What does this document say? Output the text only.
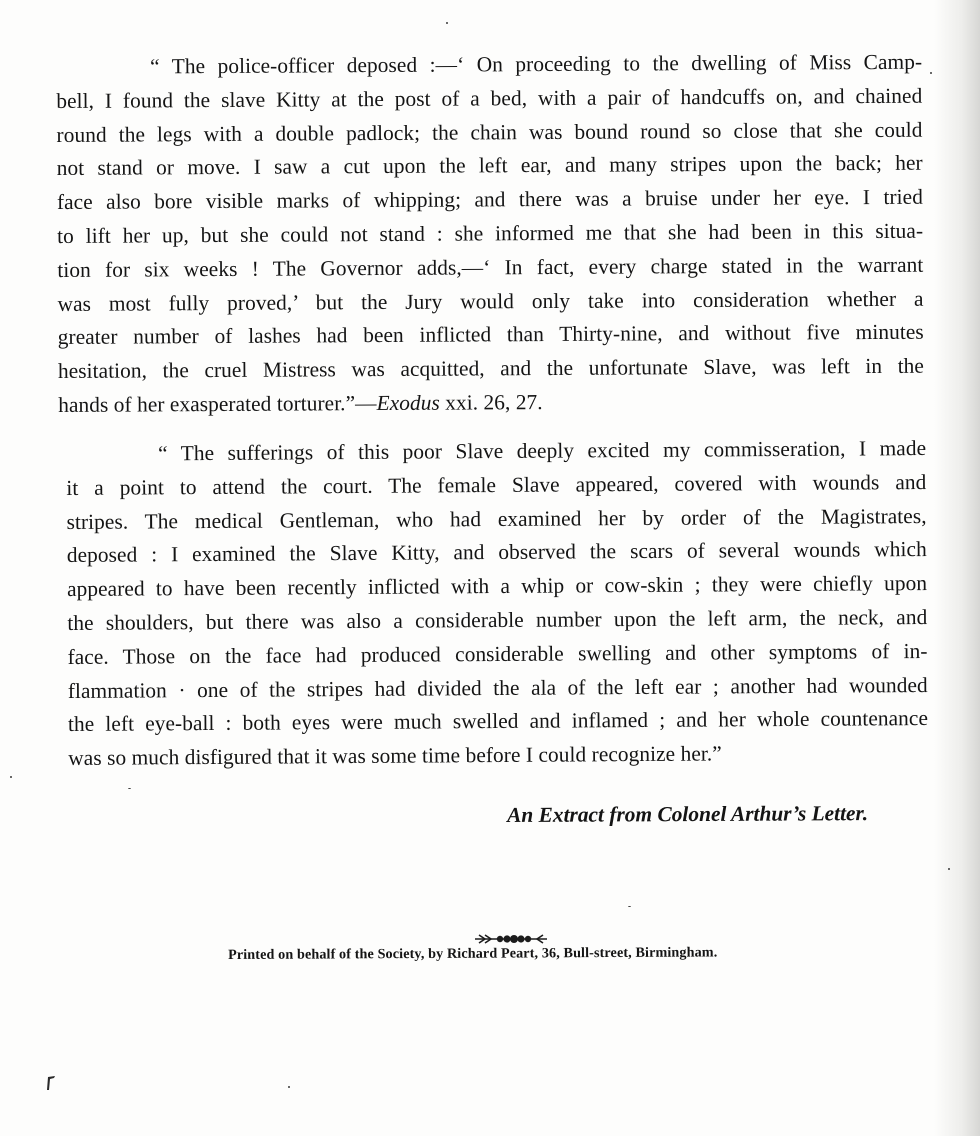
“ The police-officer deposed :—‘ On proceeding to the dwelling of Miss Camp-
bell, I found the slave Kitty at the post of a bed, with a pair of handcuffs on, and chained
round the legs with a double padlock; the chain was bound round so close that she could
not stand or move. I saw a cut upon the left ear, and many stripes upon the back; her
face also bore visible marks of whipping; and there was a bruise under her eye. I tried
to lift her up, but she could not stand : she informed me that she had been in this situa-
tion for six weeks ! The Governor adds,—‘ In fact, every charge stated in the warrant
was most fully proved,’ but the Jury would only take into consideration whether a
greater number of lashes had been inflicted than Thirty-nine, and without five minutes
hesitation, the cruel Mistress was acquitted, and the unfortunate Slave, was left in the
hands of her exasperated torturer.”—Exodus xxi. 26, 27.
“ The sufferings of this poor Slave deeply excited my commisseration, I made
it a point to attend the court. The female Slave appeared, covered with wounds and
stripes. The medical Gentleman, who had examined her by order of the Magistrates,
deposed : I examined the Slave Kitty, and observed the scars of several wounds which
appeared to have been recently inflicted with a whip or cow-skin ; they were chiefly upon
the shoulders, but there was also a considerable number upon the left arm, the neck, and
face. Those on the face had produced considerable swelling and other symptoms of in-
flammation · one of the stripes had divided the ala of the left ear ; another had wounded
the left eye-ball : both eyes were much swelled and inflamed ; and her whole countenance
was so much disfigured that it was some time before I could recognize her.”
An Extract from Colonel Arthur’s Letter.
Printed on behalf of the Society, by Richard Peart, 36, Bull-street, Birmingham.
